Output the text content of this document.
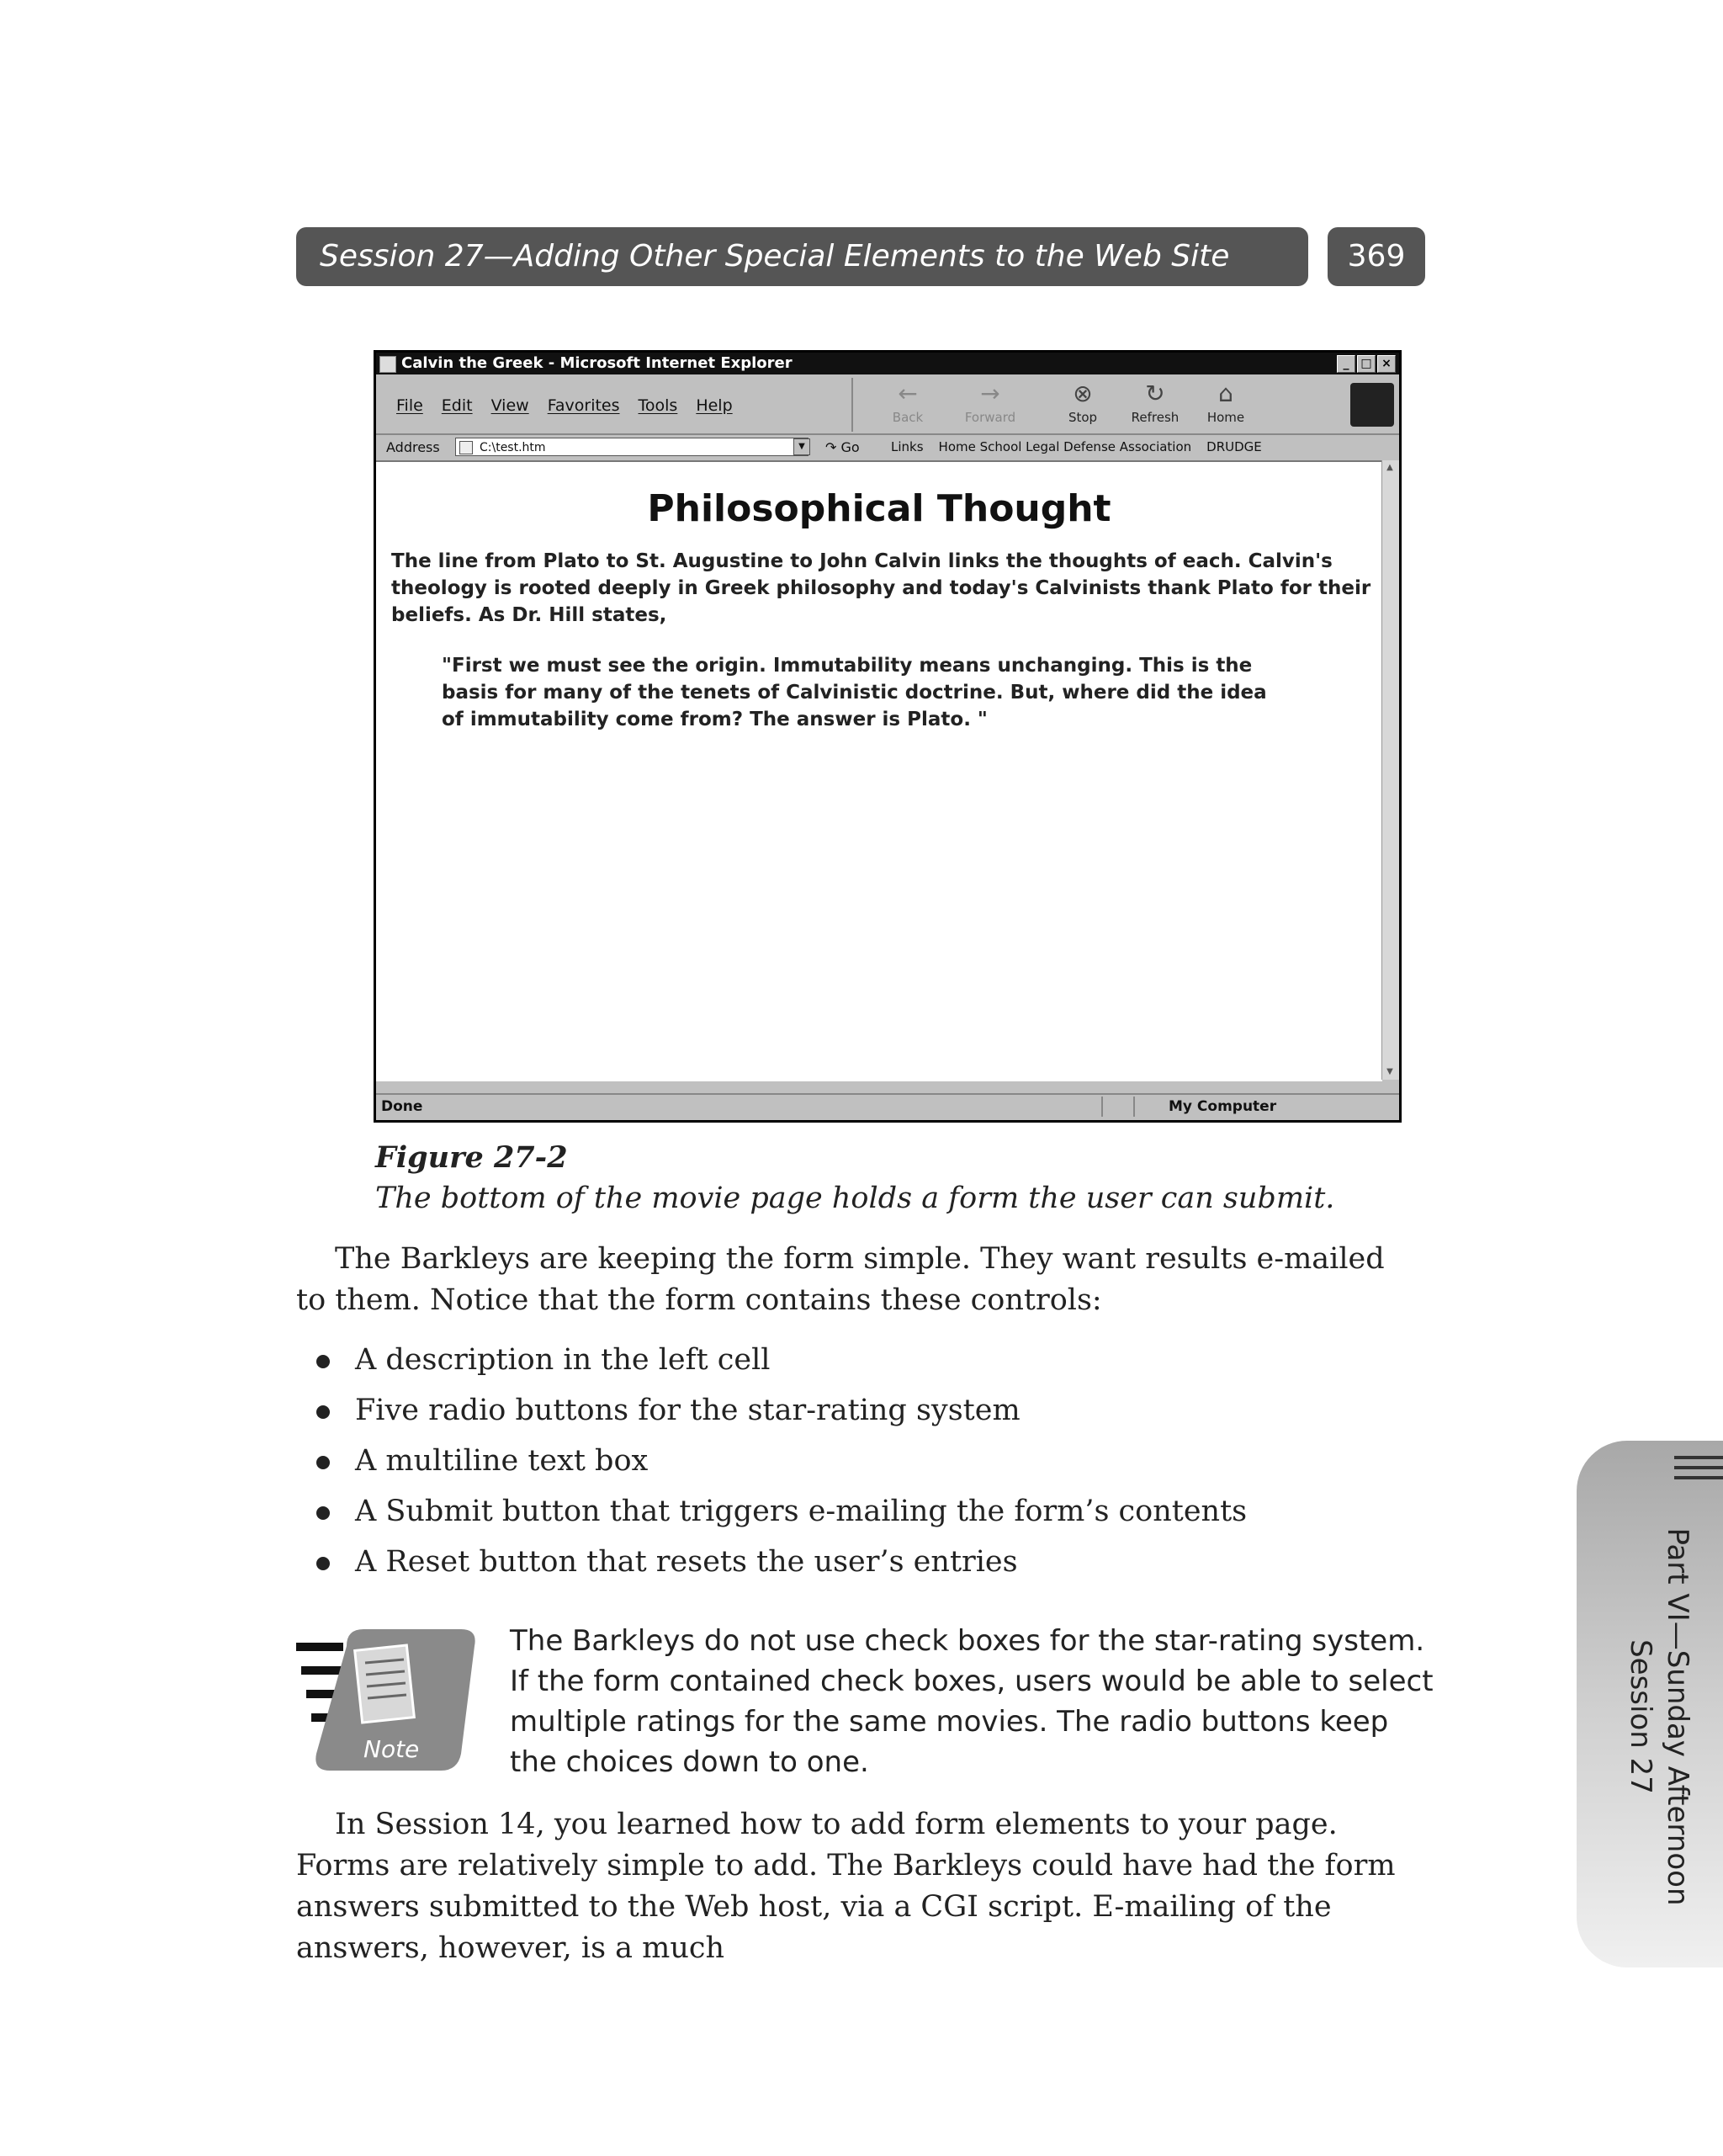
Session 27—Adding Other Special Elements to the Web Site	369
Calvin the Greek - Microsoft Internet Explorer	_ □ ×
File Edit View Favorites Tools Help	←
Back
→
Forward
⊗
Stop
↻
Refresh
⌂
Home
Address	C:\test.htm	▼	↷ Go Links Home School Legal Defense Association DRUDGE
Philosophical Thought
The line from Plato to St. Augustine to John Calvin links the thoughts of each. Calvin's theology is rooted deeply in Greek philosophy and today's Calvinists thank Plato for their beliefs. As Dr. Hill states,
"First we must see the origin. Immutability means unchanging. This is the basis for many of the tenets of Calvinistic doctrine. But, where did the idea of immutability come from? The answer is Plato. "
▲
▼
Done	My Computer
Figure 27-2
The bottom of the movie page holds a form the user can submit.
The Barkleys are keeping the form simple. They want results e-mailed to them. Notice that the form contains these controls:
A description in the left cell
Five radio buttons for the star-rating system
A multiline text box
A Submit button that triggers e-mailing the form’s contents
A Reset button that resets the user’s entries
Note
The Barkleys do not use check boxes for the star-rating system. If the form contained check boxes, users would be able to select multiple ratings for the same movies. The radio buttons keep the choices down to one.
In Session 14, you learned how to add form elements to your page. Forms are relatively simple to add. The Barkleys could have had the form answers submitted to the Web host, via a CGI script. E-mailing of the answers, however, is a much
Part VI—Sunday Afternoon
Session 27
